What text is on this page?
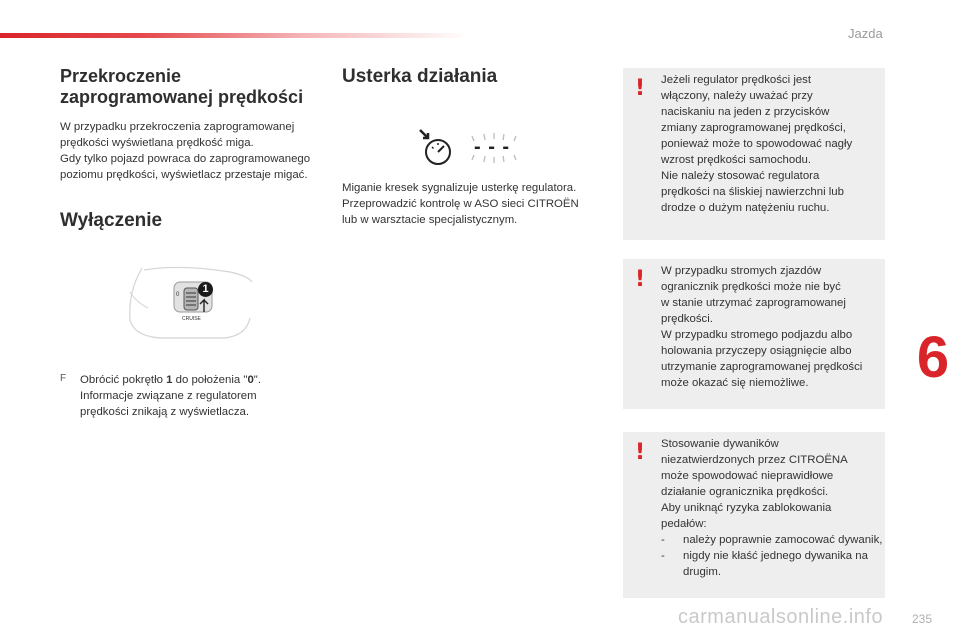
Jazda
Przekroczenie
zaprogramowanej prędkości

W przypadku przekroczenia zaprogramowanej
prędkości wyświetlana prędkość miga.
Gdy tylko pojazd powraca do zaprogramowanego
poziomu prędkości, wyświetlacz przestaje migać.

Wyłączenie
0
CRUISE
1
F Obrócić pokrętło 1 do położenia "0".
Informacje związane z regulatorem
prędkości znikają z wyświetlacza.
Usterka działania
- - -

Miganie kresek sygnalizuje usterkę regulatora.
Przeprowadzić kontrolę w ASO sieci CITROËN
lub w warsztacie specjalistycznym.

! Jeżeli regulator prędkości jest
włączony, należy uważać przy
naciskaniu na jeden z przycisków
zmiany zaprogramowanej prędkości,
ponieważ może to spowodować nagły
wzrost prędkości samochodu.
Nie należy stosować regulatora
prędkości na śliskiej nawierzchni lub
drodze o dużym natężeniu ruchu.
! W przypadku stromych zjazdów
ogranicznik prędkości może nie być
w stanie utrzymać zaprogramowanej
prędkości.
W przypadku stromego podjazdu albo
holowania przyczepy osiągnięcie albo
utrzymanie zaprogramowanej prędkości
może okazać się niemożliwe.
! Stosowanie dywaników
niezatwierdzonych przez CITROËNA
może spowodować nieprawidłowe
działanie ogranicznika prędkości.
Aby uniknąć ryzyka zablokowania
pedałów:
- należy poprawnie zamocować dywanik,
- nigdy nie kłaść jednego dywanika na drugim.
6
carmanualsonline.info 235
